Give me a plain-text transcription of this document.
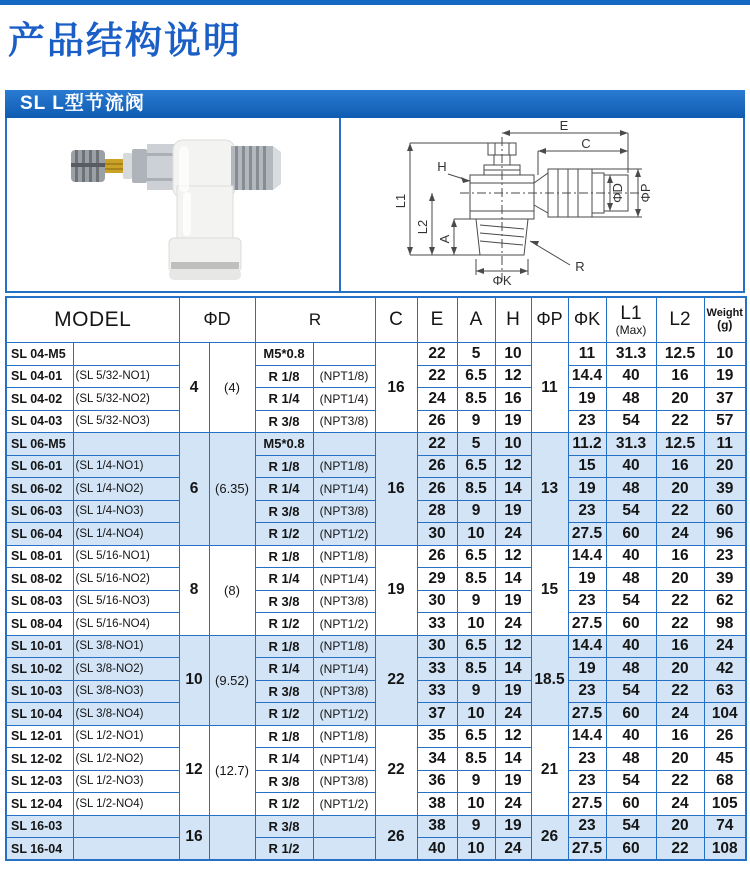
产品结构说明
SL L型节流阀
E
C
H
L1
L2
A
ΦK
R
ΦD ΦP
MODEL		ΦD		R		C	E	A	H	ΦP	ΦK	L1
(Max)	L2	Weight
(g)

SL 04-M5		4	(4)	M5*0.8		16	22	5	10	11	11	31.3	12.5	10
SL 04-01	(SL 5/32-NO1)			R 1/8	(NPT1/8)		22	6.5	12		14.4	40	16	19
SL 04-02	(SL 5/32-NO2)			R 1/4	(NPT1/4)		24	8.5	16		19	48	20	37
SL 04-03	(SL 5/32-NO3)			R 3/8	(NPT3/8)		26	9	19		23	54	22	57
SL 06-M5		6	(6.35)	M5*0.8		16	22	5	10	13	11.2	31.3	12.5	11
SL 06-01	(SL 1/4-NO1)			R 1/8	(NPT1/8)		26	6.5	12		15	40	16	20
SL 06-02	(SL 1/4-NO2)			R 1/4	(NPT1/4)		26	8.5	14		19	48	20	39
SL 06-03	(SL 1/4-NO3)			R 3/8	(NPT3/8)		28	9	19		23	54	22	60
SL 06-04	(SL 1/4-NO4)			R 1/2	(NPT1/2)		30	10	24		27.5	60	24	96
SL 08-01	(SL 5/16-NO1)	8	(8)	R 1/8	(NPT1/8)	19	26	6.5	12	15	14.4	40	16	23
SL 08-02	(SL 5/16-NO2)			R 1/4	(NPT1/4)		29	8.5	14		19	48	20	39
SL 08-03	(SL 5/16-NO3)			R 3/8	(NPT3/8)		30	9	19		23	54	22	62
SL 08-04	(SL 5/16-NO4)			R 1/2	(NPT1/2)		33	10	24		27.5	60	22	98
SL 10-01	(SL 3/8-NO1)	10	(9.52)	R 1/8	(NPT1/8)	22	30	6.5	12	18.5	14.4	40	16	24
SL 10-02	(SL 3/8-NO2)			R 1/4	(NPT1/4)		33	8.5	14		19	48	20	42
SL 10-03	(SL 3/8-NO3)			R 3/8	(NPT3/8)		33	9	19		23	54	22	63
SL 10-04	(SL 3/8-NO4)			R 1/2	(NPT1/2)		37	10	24		27.5	60	24	104
SL 12-01	(SL 1/2-NO1)	12	(12.7)	R 1/8	(NPT1/8)	22	35	6.5	12	21	14.4	40	16	26
SL 12-02	(SL 1/2-NO2)			R 1/4	(NPT1/4)		34	8.5	14		23	48	20	45
SL 12-03	(SL 1/2-NO3)			R 3/8	(NPT3/8)		36	9	19		23	54	22	68
SL 12-04	(SL 1/2-NO4)			R 1/2	(NPT1/2)		38	10	24		27.5	60	24	105
SL 16-03		16		R 3/8		26	38	9	19	26	23	54	20	74
SL 16-04				R 1/2			40	10	24		27.5	60	22	108
